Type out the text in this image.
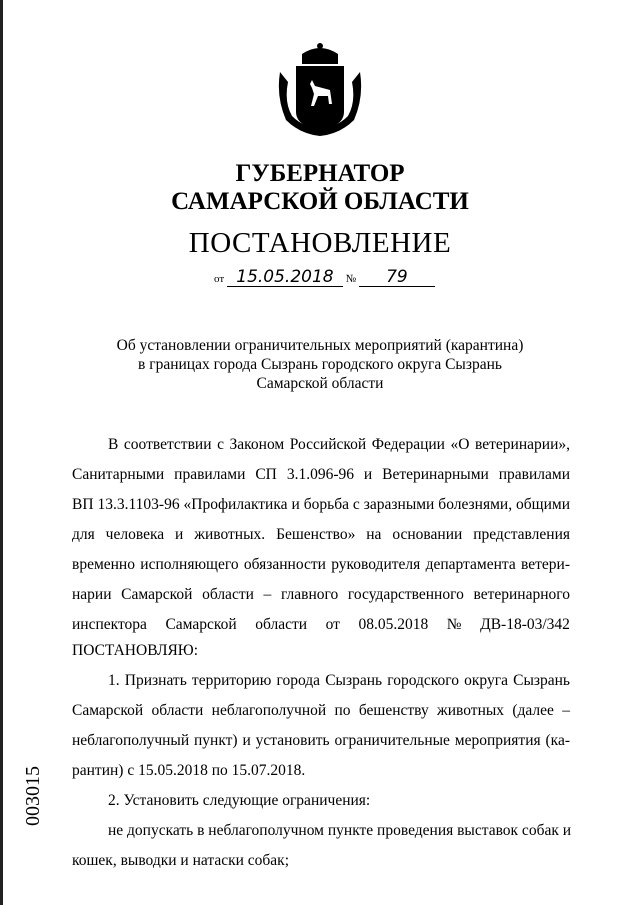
ГУБЕРНАТОР
САМАРСКОЙ ОБЛАСТИ
ПОСТАНОВЛЕНИЕ
от 15.05.2018 № 79
Об установлении ограничительных мероприятий (карантина)
в границах города Сызрань городского округа Сызрань
Самарской области
В соответствии с Законом Российской Федерации «О ветеринарии»,
Санитарными правилами СП 3.1.096-96 и Ветеринарными правилами
ВП 13.3.1103-96 «Профилактика и борьба с заразными болезнями, общими
для человека и животных. Бешенство» на основании представления
временно исполняющего обязанности руководителя департамента ветери-
нарии Самарской области – главного государственного ветеринарного
инспектора Самарской области от 08.05.2018 № ДВ-18-03/342
ПОСТАНОВЛЯЮ:
1. Признать территорию города Сызрань городского округа Сызрань
Самарской области неблагополучной по бешенству животных (далее –
неблагополучный пункт) и установить ограничительные мероприятия (ка-
рантин) с 15.05.2018 по 15.07.2018.
2. Установить следующие ограничения:
не допускать в неблагополучном пункте проведения выставок собак и
кошек, выводки и натаски собак;
003015
